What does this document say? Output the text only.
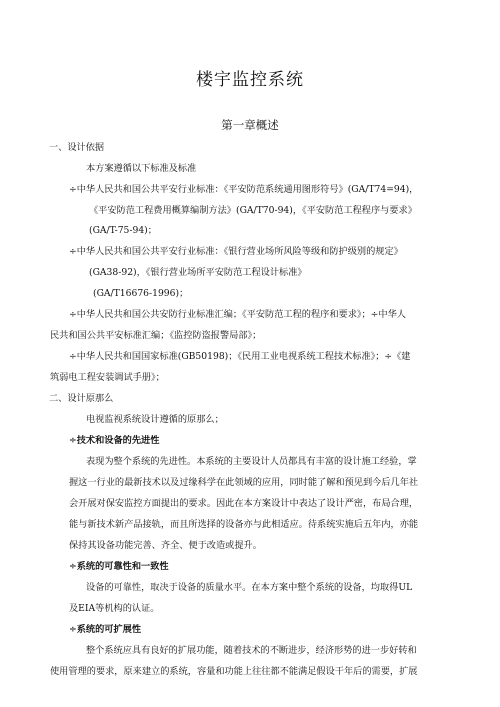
楼宇监控系统
第一章概述
一、设计依据
本方案遵循以下标准及标准
÷中华人民共和国公共平安行业标准：《平安防范系统通用图形符号》(GA/T74=94)，
《平安防范工程费用概算编制方法》(GA/T70-94)，《平安防范工程程序与要求》
(GA/T-75-94)；
÷中华人民共和国公共平安行业标准：《银行营业场所风险等级和防护级别的规定》
(GA38-92)，《银行营业场所平安防范工程设计标准》
(GA/T16676-1996)；
÷中华人民共和国公共安防行业标准汇编；《平安防范工程的程序和要求》；÷中华人
民共和国公共平安标准汇编；《监控防盗报警局部》；
÷中华人民共和国国家标准(GB50198)；《民用工业电视系统工程技术标准》；÷《建
筑弱电工程安装调试手册》；
二、设计原那么
电视监视系统设计遵循的原那么；
÷技术和设备的先进性
表现为整个系统的先进性。本系统的主要设计人员都具有丰富的设计施工经验，掌
握这一行业的最新技术以及过缘科学在此领域的应用，同时能了解和预见到今后几年社
会开展对保安监控方面提出的要求。因此在本方案设计中表达了设计严密，布局合理，
能与新技术新产品接轨，而且所选择的设备亦与此相适应。待系统实施后五年内，亦能
保持其设备功能完善、齐全、便于改造或提升。
÷系统的可靠性和一致性
设备的可靠性，取决于设备的质量水平。在本方案中整个系统的设备，均取得UL
及EIA等机构的认证。
÷系统的可扩展性
整个系统应具有良好的扩展功能，随着技术的不断进步，经济形势的进一步好转和
使用管理的要求，原来建立的系统，容量和功能上往往都不能满足假设干年后的需要，扩展
